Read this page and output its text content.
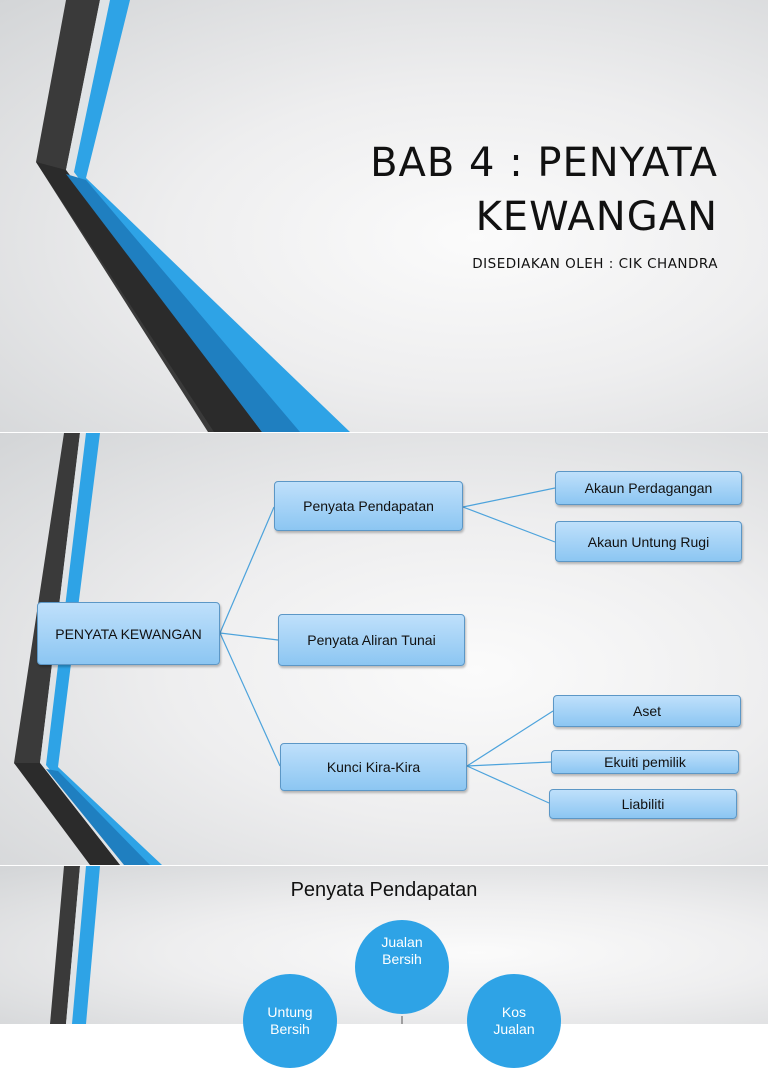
BAB 4 : PENYATA
KEWANGAN
DISEDIAKAN OLEH : CIK CHANDRA
PENYATA KEWANGAN
Penyata Pendapatan
Penyata Aliran Tunai
Kunci Kira-Kira
Akaun Perdagangan
Akaun Untung Rugi
Aset
Ekuiti pemilik
Liabiliti
Penyata Pendapatan
Jualan
Bersih
Untung
Bersih
Kos
Jualan
